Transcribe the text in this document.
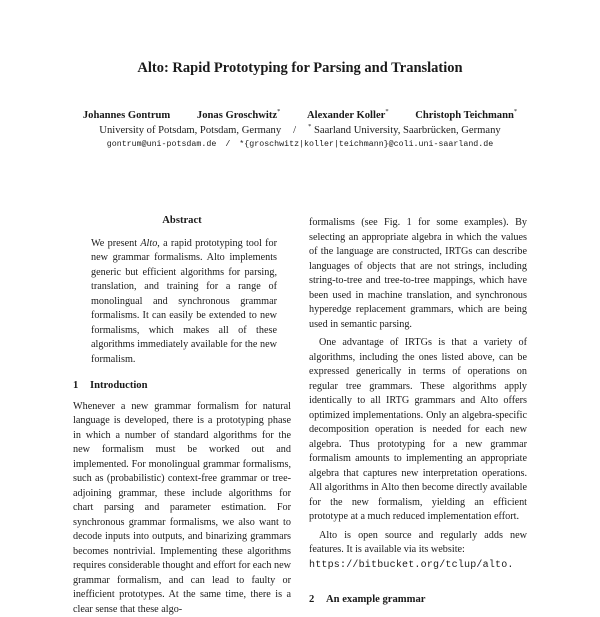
Alto: Rapid Prototyping for Parsing and Translation
Johannes Gontrum	Jonas Groschwitz*	Alexander Koller*	Christoph Teichmann*
University of Potsdam, Potsdam, Germany / * Saarland University, Saarbrücken, Germany
gontrum@uni-potsdam.de / *{groschwitz|koller|teichmann}@coli.uni-saarland.de
Abstract

We present Alto, a rapid prototyping tool for new grammar formalisms. Alto implements generic but efficient algorithms for parsing, translation, and training for a range of monolingual and synchronous grammar formalisms. It can easily be extended to new formalisms, which makes all of these algorithms immediately available for the new formalism.

1 Introduction

Whenever a new grammar formalism for natural language is developed, there is a prototyping phase in which a number of standard algorithms for the new formalism must be worked out and implemented. For monolingual grammar formalisms, such as (probabilistic) context-free grammar or tree-adjoining grammar, these include algorithms for chart parsing and parameter estimation. For synchronous grammar formalisms, we also want to decode inputs into outputs, and binarizing grammars becomes nontrivial. Implementing these algorithms requires considerable thought and effort for each new grammar formalism, and can lead to faulty or inefficient prototypes. At the same time, there is a clear sense that these algo-

formalisms (see Fig. 1 for some examples). By selecting an appropriate algebra in which the values of the language are constructed, IRTGs can describe languages of objects that are not strings, including string-to-tree and tree-to-tree mappings, which have been used in machine translation, and synchronous hyperedge replacement grammars, which are being used in semantic parsing.

One advantage of IRTGs is that a variety of algorithms, including the ones listed above, can be expressed generically in terms of operations on regular tree grammars. These algorithms apply identically to all IRTG grammars and Alto offers optimized implementations. Only an algebra-specific decomposition operation is needed for each new algebra. Thus prototyping for a new grammar formalism amounts to implementing an appropriate algebra that captures new interpretation operations. All algorithms in Alto then become directly available for the new formalism, yielding an efficient prototype at a much reduced implementation effort.

Alto is open source and regularly adds new features. It is available via its website:
https://bitbucket.org/tclup/alto.

2 An example grammar
